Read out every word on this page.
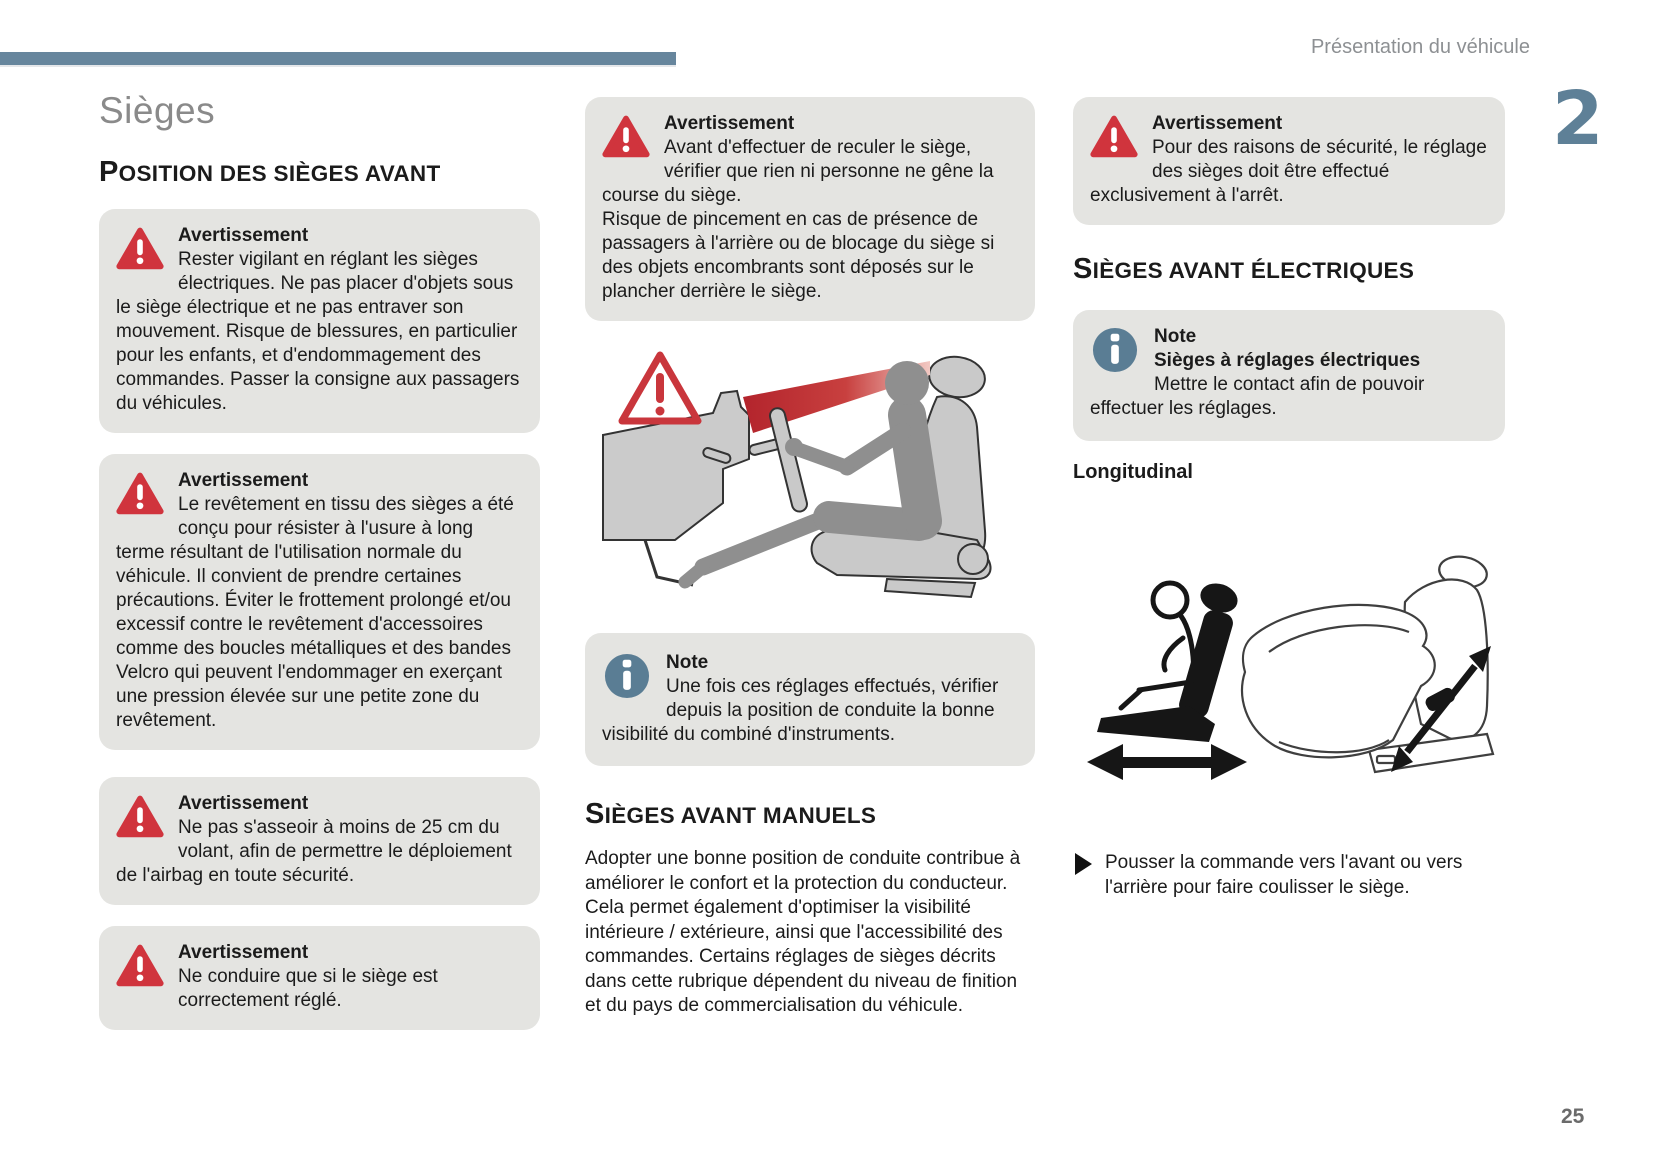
Présentation du véhicule
2
Sièges
POSITION DES SIÈGES AVANT

Avertissement

Rester vigilant en réglant les sièges électriques. Ne pas placer d'objets sous le siège électrique et ne pas entraver son mouvement. Risque de blessures, en particulier pour les enfants, et d'endommagement des commandes. Passer la consigne aux passagers du véhicules.

Avertissement

Le revêtement en tissu des sièges a été conçu pour résister à l'usure à long terme résultant de l'utilisation normale du véhicule. Il convient de prendre certaines précautions. Éviter le frottement prolongé et/ou excessif contre le revêtement d'accessoires comme des boucles métalliques et des bandes Velcro qui peuvent l'endommager en exerçant une pression élevée sur une petite zone du revêtement.

Avertissement

Ne pas s'asseoir à moins de 25 cm du volant, afin de permettre le déploiement de l'airbag en toute sécurité.

Avertissement

Ne conduire que si le siège est correctement réglé.

Avertissement

Avant d'effectuer de reculer le siège, vérifier que rien ni personne ne gêne la course du siège.

Risque de pincement en cas de présence de passagers à l'arrière ou de blocage du siège si des objets encombrants sont déposés sur le plancher derrière le siège.

Note

Une fois ces réglages effectués, vérifier depuis la position de conduite la bonne visibilité du combiné d'instruments.

SIÈGES AVANT MANUELS

Adopter une bonne position de conduite contribue à améliorer le confort et la protection du conducteur. Cela permet également d'optimiser la visibilité intérieure / extérieure, ainsi que l'accessibilité des commandes. Certains réglages de sièges décrits dans cette rubrique dépendent du niveau de finition et du pays de commercialisation du véhicule.

Avertissement

Pour des raisons de sécurité, le réglage des sièges doit être effectué exclusivement à l'arrêt.

SIÈGES AVANT ÉLECTRIQUES

Note

Sièges à réglages électriques

Mettre le contact afin de pouvoir effectuer les réglages.

Longitudinal

Pousser la commande vers l'avant ou vers l'arrière pour faire coulisser le siège.

25
